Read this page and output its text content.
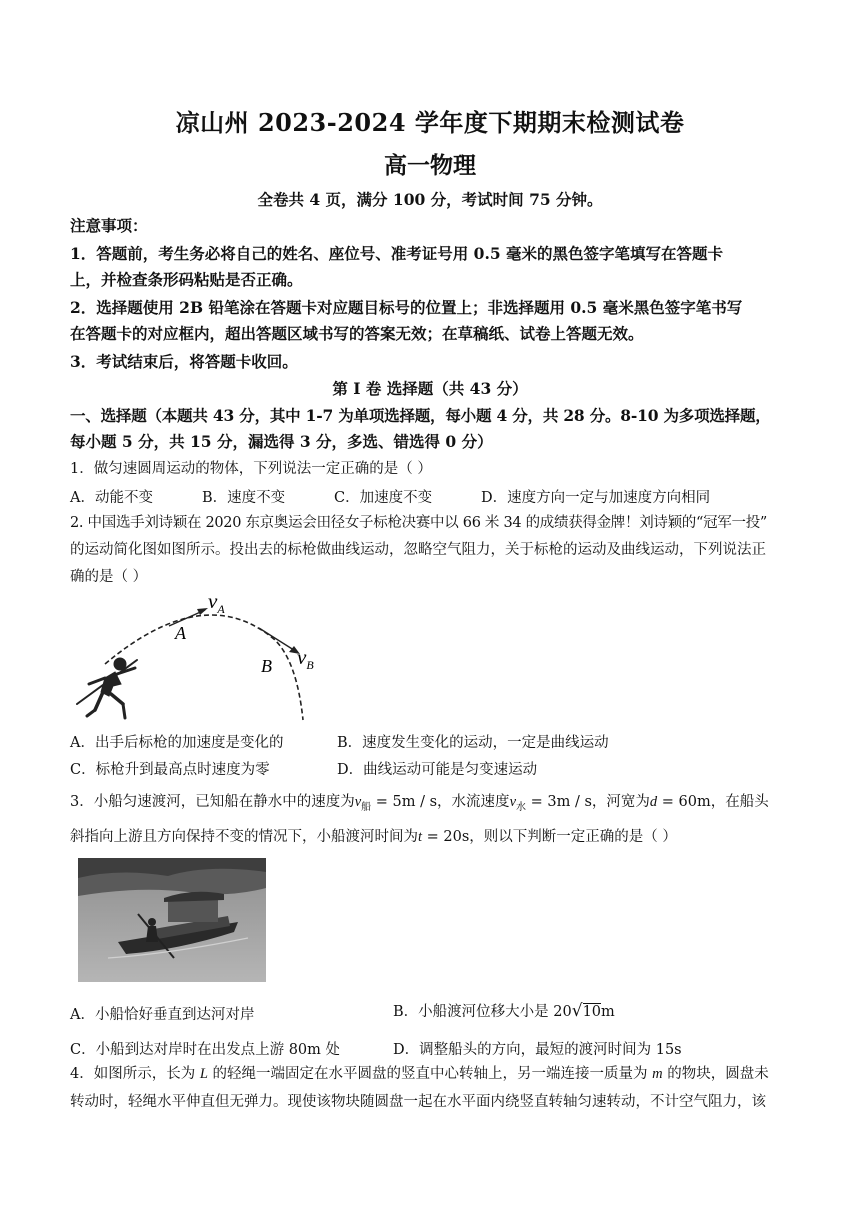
凉山州 2023-2024 学年度下期期末检测试卷
高一物理
全卷共 4 页，满分 100 分，考试时间 75 分钟。
注意事项：
1．答题前，考生务必将自己的姓名、座位号、准考证号用 0.5 毫米的黑色签字笔填写在答题卡
上，并检查条形码粘贴是否正确。
2．选择题使用 2B 铅笔涂在答题卡对应题目标号的位置上；非选择题用 0.5 毫米黑色签字笔书写
在答题卡的对应框内，超出答题区域书写的答案无效；在草稿纸、试卷上答题无效。
3．考试结束后，将答题卡收回。
第 I 卷 选择题（共 43 分）
一、选择题（本题共 43 分，其中 1-7 为单项选择题，每小题 4 分，共 28 分。8-10 为多项选择题，
每小题 5 分，共 15 分，漏选得 3 分，多选、错选得 0 分）
1．做匀速圆周运动的物体，下列说法一定正确的是（ ）
A．动能不变	B．速度不变	C．加速度不变	D．速度方向一定与加速度方向相同
2. 中国选手刘诗颖在 2020 东京奥运会田径女子标枪决赛中以 66 米 34 的成绩获得金牌！刘诗颖的“冠军一投”
的运动简化图如图所示。投出去的标枪做曲线运动，忽略空气阻力，关于标枪的运动及曲线运动，下列说法正
确的是（ ）
$v_A$
A
$v_B$
B
A．出手后标枪的加速度是变化的	B．速度发生变化的运动，一定是曲线运动
C．标枪升到最高点时速度为零	D．曲线运动可能是匀变速运动
3．小船匀速渡河，已知船在静水中的速度为$v_船 = 5m / s$，水流速度$v_水 = 3m / s$，河宽为d = 60m，在船头
斜指向上游且方向保持不变的情况下，小船渡河时间为t = 20s，则以下判断一定正确的是（ ）
A．小船恰好垂直到达河对岸	B．小船渡河位移大小是 20√10m
C．小船到达对岸时在出发点上游 80m 处	D．调整船头的方向，最短的渡河时间为 15s
4．如图所示，长为 L 的轻绳一端固定在水平圆盘的竖直中心转轴上，另一端连接一质量为 m 的物块，圆盘未
转动时，轻绳水平伸直但无弹力。现使该物块随圆盘一起在水平面内绕竖直转轴匀速转动，不计空气阻力，该
